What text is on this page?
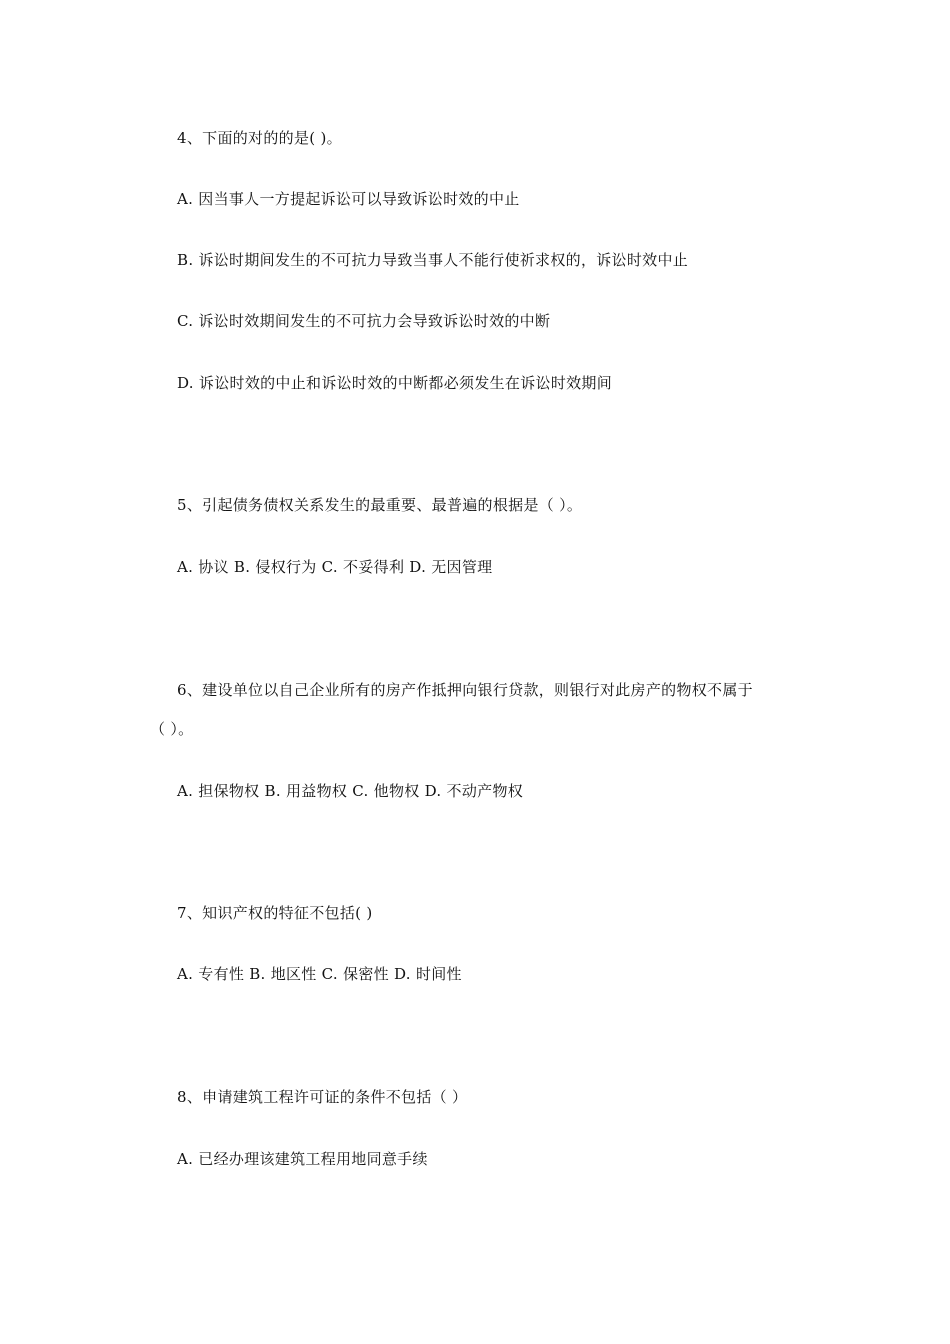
4、下面的对的的是( )。
A. 因当事人一方提起诉讼可以导致诉讼时效的中止
B. 诉讼时期间发生的不可抗力导致当事人不能行使祈求权的，诉讼时效中止
C. 诉讼时效期间发生的不可抗力会导致诉讼时效的中断
D. 诉讼时效的中止和诉讼时效的中断都必须发生在诉讼时效期间
5、引起债务债权关系发生的最重要、最普遍的根据是（ ）。
A. 协议 B. 侵权行为 C. 不妥得利 D. 无因管理
6、建设单位以自己企业所有的房产作抵押向银行贷款，则银行对此房产的物权不属于
（ ）。
A. 担保物权 B. 用益物权 C. 他物权 D. 不动产物权
7、知识产权的特征不包括( )
A. 专有性 B. 地区性 C. 保密性 D. 时间性
8、申请建筑工程许可证的条件不包括（ ）
A. 已经办理该建筑工程用地同意手续
